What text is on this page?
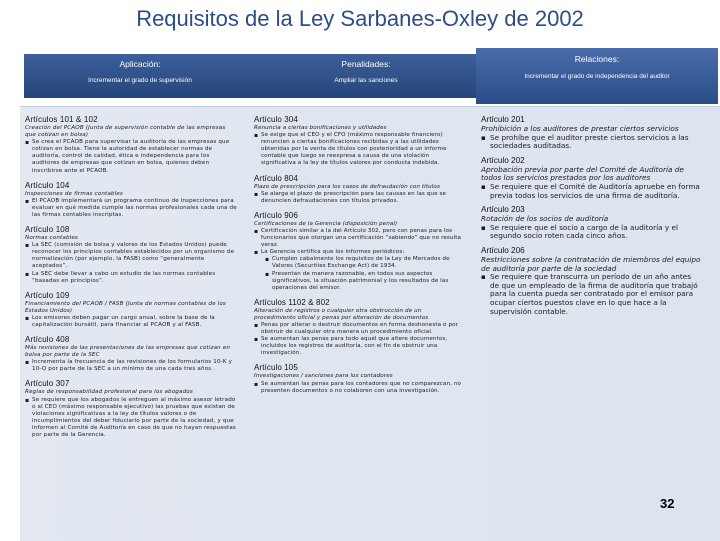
Requisitos de la Ley Sarbanes-Oxley de 2002
Aplicación:
Incrementar el grado de supervisión
Penalidades:
Ampliar las sanciones
Relaciones:
Incrementar el grado de independencia del auditor
Artículos 101 & 102
Creación del PCAOB (Junta de supervisión contable de las empresas que cotizan en bolsa)
▪ Se crea el PCAOB para supervisar la auditoría de las empresas que cotizan en bolsa. Tiene la autoridad de establecer normas de auditoría, control de calidad, ética e independencia para los auditores de empresas que cotizan en bolsa, quienes deben inscribirse ante el PCAOB.
Artículo 104
Inspecciones de firmas contables
▪ El PCAOB implementará un programa continuo de inspecciones para evaluar en qué medida cumple las normas profesionales cada una de las firmas contables inscriptas.
Artículo 108
Normas contables
▪ La SEC (comisión de bolsa y valores de los Estados Unidos) puede reconocer los principios contables establecidos por un organismo de normalización (por ejemplo, la FASB) como “generalmente aceptados”.
▪ La SEC debe llevar a cabo un estudio de las normas contables “basadas en principios”.
Artículo 109
Financiamiento del PCAOB / FASB (Junta de normas contables de los Estados Unidos)
▪ Los emisores deben pagar un cargo anual, sobre la base de la capitalización bursátil, para financiar al PCAOB y al FASB.
Artículo 408
Más revisiones de las presentaciones de las empresas que cotizan en bolsa por parte de la SEC
▪ Incrementa la frecuencia de las revisiones de los formularios 10-K y 10-Q por parte de la SEC a un mínimo de una cada tres años.
Artículo 307
Reglas de responsabilidad profesional para los abogados
▪ Se requiere que los abogados le entreguen al máximo asesor letrado o al CEO (máximo responsable ejecutivo) las pruebas que existan de violaciones significativas a la ley de títulos valores o de incumplimientos del deber fiduciario por parte de la sociedad, y que informen al Comité de Auditoría en caso de que no hayan respuestas por parte de la Gerencia.
Artículo 304
Renuncia a ciertas bonificaciones y utilidades
▪ Se exige que el CEO y el CFO (máximo responsable financiero) renuncien a ciertas bonificaciones recibidas y a las utilidades obtenidas por la venta de títulos con posterioridad a un informe contable que luego se reexpresa a causa de una violación significativa a la ley de títulos valores por conducta indebida.
Artículo 804
Plazo de prescripción para los casos de defraudación con títulos
▪ Se alarga el plazo de prescripción para las causas en las que se denuncien defraudaciones con títulos privados.
Artículo 906
Certificaciones de la Gerencia (disposición penal)
▪ Certificación similar a la del Artículo 302, pero con penas para los funcionarios que otorgan una certificación “sabiendo” que no resulta veraz.
▪ La Gerencia certifica que los informes periódicos:
▪ Cumplen cabalmente los requisitos de la Ley de Mercados de Valores (Securities Exchange Act) de 1934.
▪ Presentan de manera razonable, en todos sus aspectos significativos, la situación patrimonial y los resultados de las operaciones del emisor.
Artículos 1102 & 802
Alteración de registros o cualquier otra obstrucción de un procedimiento oficial y penas por alteración de documentos
▪ Penas por alterar o destruir documentos en forma deshonesta o por obstruir de cualquier otra manera un procedimiento oficial.
▪ Se aumentan las penas para todo aquél que altere documentos, incluidos los registros de auditoría, con el fin de obstruir una investigación.
Artículo 105
Investigaciones / sanciones para los contadores
▪ Se aumentan las penas para los contadores que no comparezcan, no presenten documentos o no colaboren con una investigación.
Artículo 201
Prohibición a los auditores de prestar ciertos servicios
▪ Se prohíbe que el auditor preste ciertos servicios a las sociedades auditadas.
Artículo 202
Aprobación previa por parte del Comité de Auditoría de todos los servicios prestados por los auditores
▪ Se requiere que el Comité de Auditoría apruebe en forma previa todos los servicios de una firma de auditoría.
Artículo 203
Rotación de los socios de auditoría
▪ Se requiere que el socio a cargo de la auditoría y el segundo socio roten cada cinco años.
Artículo 206
Restricciones sobre la contratación de miembros del equipo de auditoría por parte de la sociedad
▪ Se requiere que transcurra un período de un año antes de que un empleado de la firma de auditoría que trabajó para la cuenta pueda ser contratado por el emisor para ocupar ciertos puestos clave en lo que hace a la supervisión contable.
32
